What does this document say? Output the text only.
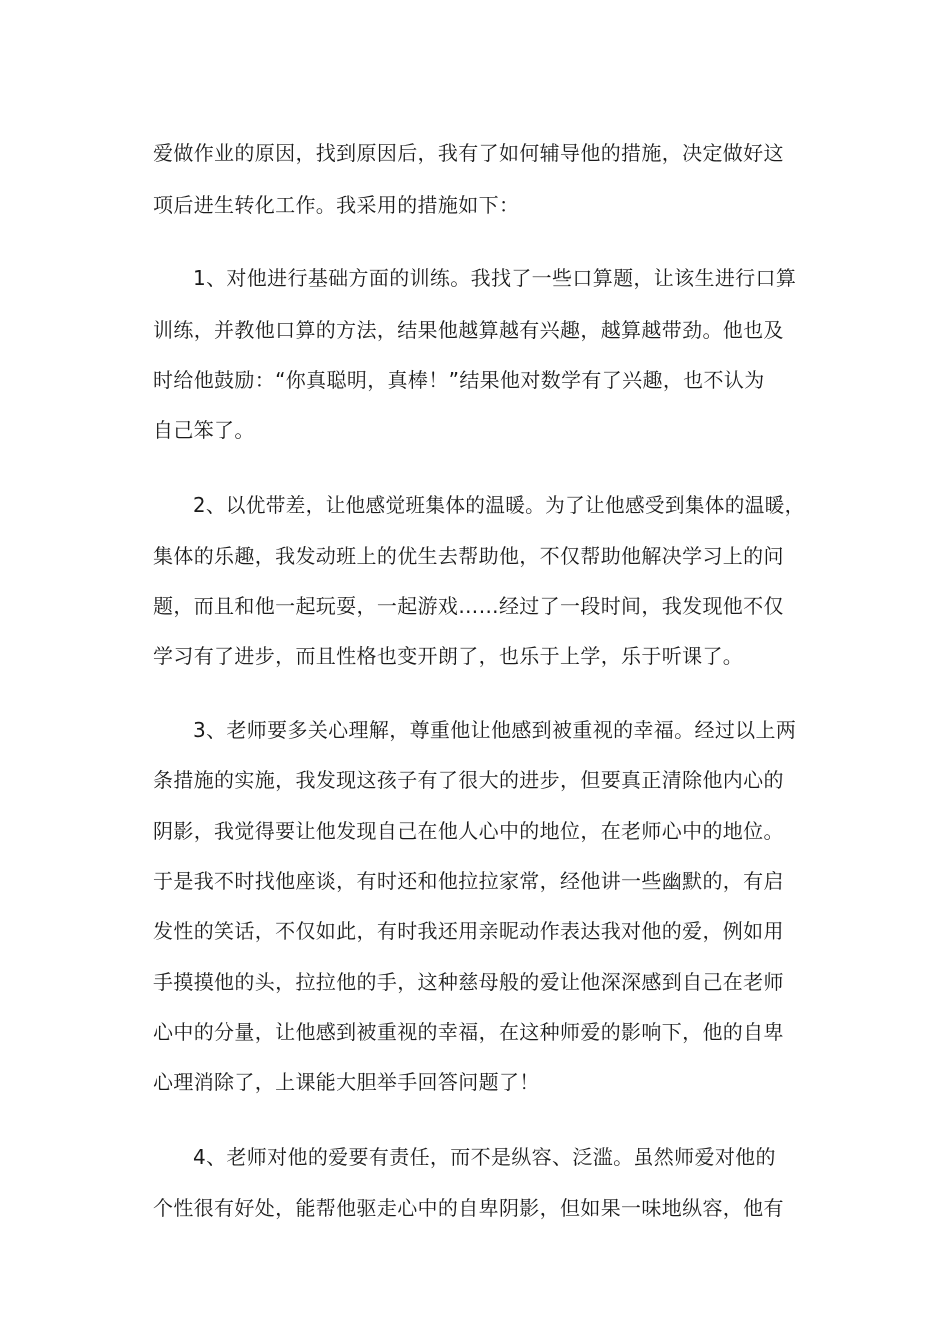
爱做作业的原因，找到原因后，我有了如何辅导他的措施，决定做好这
项后进生转化工作。我采用的措施如下：
1、对他进行基础方面的训练。我找了一些口算题，让该生进行口算
训练，并教他口算的方法，结果他越算越有兴趣，越算越带劲。他也及
时给他鼓励：“你真聪明，真棒！”结果他对数学有了兴趣，也不认为
自己笨了。
2、以优带差，让他感觉班集体的温暖。为了让他感受到集体的温暖，
集体的乐趣，我发动班上的优生去帮助他，不仅帮助他解决学习上的问
题，而且和他一起玩耍，一起游戏……经过了一段时间，我发现他不仅
学习有了进步，而且性格也变开朗了，也乐于上学，乐于听课了。
3、老师要多关心理解，尊重他让他感到被重视的幸福。经过以上两
条措施的实施，我发现这孩子有了很大的进步，但要真正清除他内心的
阴影，我觉得要让他发现自己在他人心中的地位，在老师心中的地位。
于是我不时找他座谈，有时还和他拉拉家常，经他讲一些幽默的，有启
发性的笑话，不仅如此，有时我还用亲昵动作表达我对他的爱，例如用
手摸摸他的头，拉拉他的手，这种慈母般的爱让他深深感到自己在老师
心中的分量，让他感到被重视的幸福，在这种师爱的影响下，他的自卑
心理消除了，上课能大胆举手回答问题了！
4、老师对他的爱要有责任，而不是纵容、泛滥。虽然师爱对他的
个性很有好处，能帮他驱走心中的自卑阴影，但如果一味地纵容，他有
